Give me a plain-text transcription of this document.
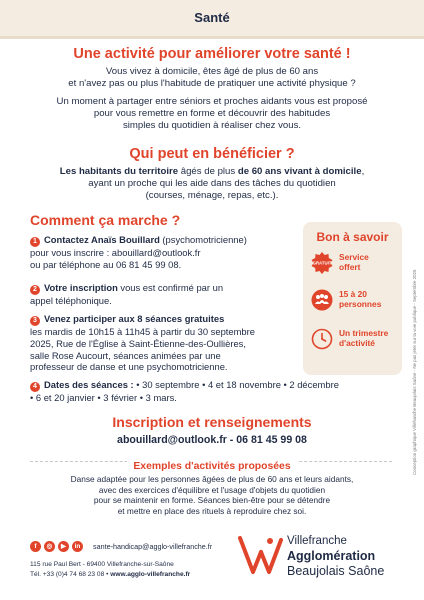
Santé
Une activité pour améliorer votre santé !
Vous vivez à domicile, êtes âgé de plus de 60 ans
et n'avez pas ou plus l'habitude de pratiquer une activité physique ?
Un moment à partager entre séniors et proches aidants vous est proposé
pour vous remettre en forme et découvrir des habitudes
simples du quotidien à réaliser chez vous.
Qui peut en bénéficier ?
Les habitants du territoire âgés de plus de 60 ans vivant à domicile,
ayant un proche qui les aide dans des tâches du quotidien
(courses, ménage, repas, etc.).
Comment ça marche ?
1 Contactez Anaïs Bouillard (psychomotricienne)
pour vous inscrire : abouillard@outlook.fr
ou par téléphone au 06 81 45 99 08.
2 Votre inscription vous est confirmé par un
appel téléphonique.
3 Venez participer aux 8 séances gratuites
les mardis de 10h15 à 11h45 à partir du 30 septembre
2025, Rue de l'Église à Saint-Étienne-des-Oullières,
salle Rose Aucourt, séances animées par une
professeur de danse et une psychomotricienne.
4 Dates des séances : • 30 septembre • 4 et 18 novembre • 2 décembre
• 6 et 20 janvier • 3 février • 3 mars.
Bon à savoir
GRATUIT
Service
offert
15 à 20
personnes
Un trimestre
d'activité	Conception graphique Villefranche Beaujolais Saône - Ne pas jeter sur la voie publique - Septembre 2025
Inscription et renseignements
abouillard@outlook.fr - 06 81 45 99 08
Exemples d'activités proposées
Danse adaptée pour les personnes âgées de plus de 60 ans et leurs aidants,
avec des exercices d'équilibre et l'usage d'objets du quotidien
pour se maintenir en forme. Séances bien-être pour se détendre
et mettre en place des rituels à reproduire chez soi.
f	◎	▶	in	sante-handicap@agglo-villefranche.fr
115 rue Paul Bert - 69400 Villefranche-sur-Saône
Tél. +33 (0)4 74 68 23 08 • www.agglo-villefranche.fr
Villefranche
Agglomération
Beaujolais Saône
